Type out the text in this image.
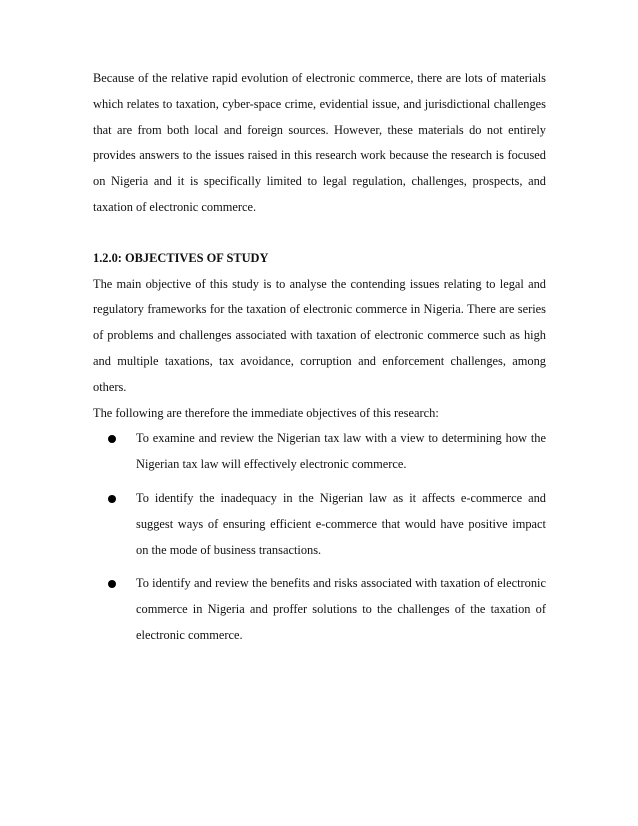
Because of the relative rapid evolution of electronic commerce, there are lots of materials which relates to taxation, cyber-space crime, evidential issue, and jurisdictional challenges that are from both local and foreign sources. However, these materials do not entirely provides answers to the issues raised in this research work because the research is focused on Nigeria and it is specifically limited to legal regulation, challenges, prospects, and taxation of electronic commerce.

1.2.0: OBJECTIVES OF STUDY

The main objective of this study is to analyse the contending issues relating to legal and regulatory frameworks for the taxation of electronic commerce in Nigeria. There are series of problems and challenges associated with taxation of electronic commerce such as high and multiple taxations, tax avoidance, corruption and enforcement challenges, among others.

The following are therefore the immediate objectives of this research:

To examine and review the Nigerian tax law with a view to determining how the Nigerian tax law will effectively electronic commerce.
To identify the inadequacy in the Nigerian law as it affects e-commerce and suggest ways of ensuring efficient e-commerce that would have positive impact on the mode of business transactions.
To identify and review the benefits and risks associated with taxation of electronic commerce in Nigeria and proffer solutions to the challenges of the taxation of electronic commerce.
